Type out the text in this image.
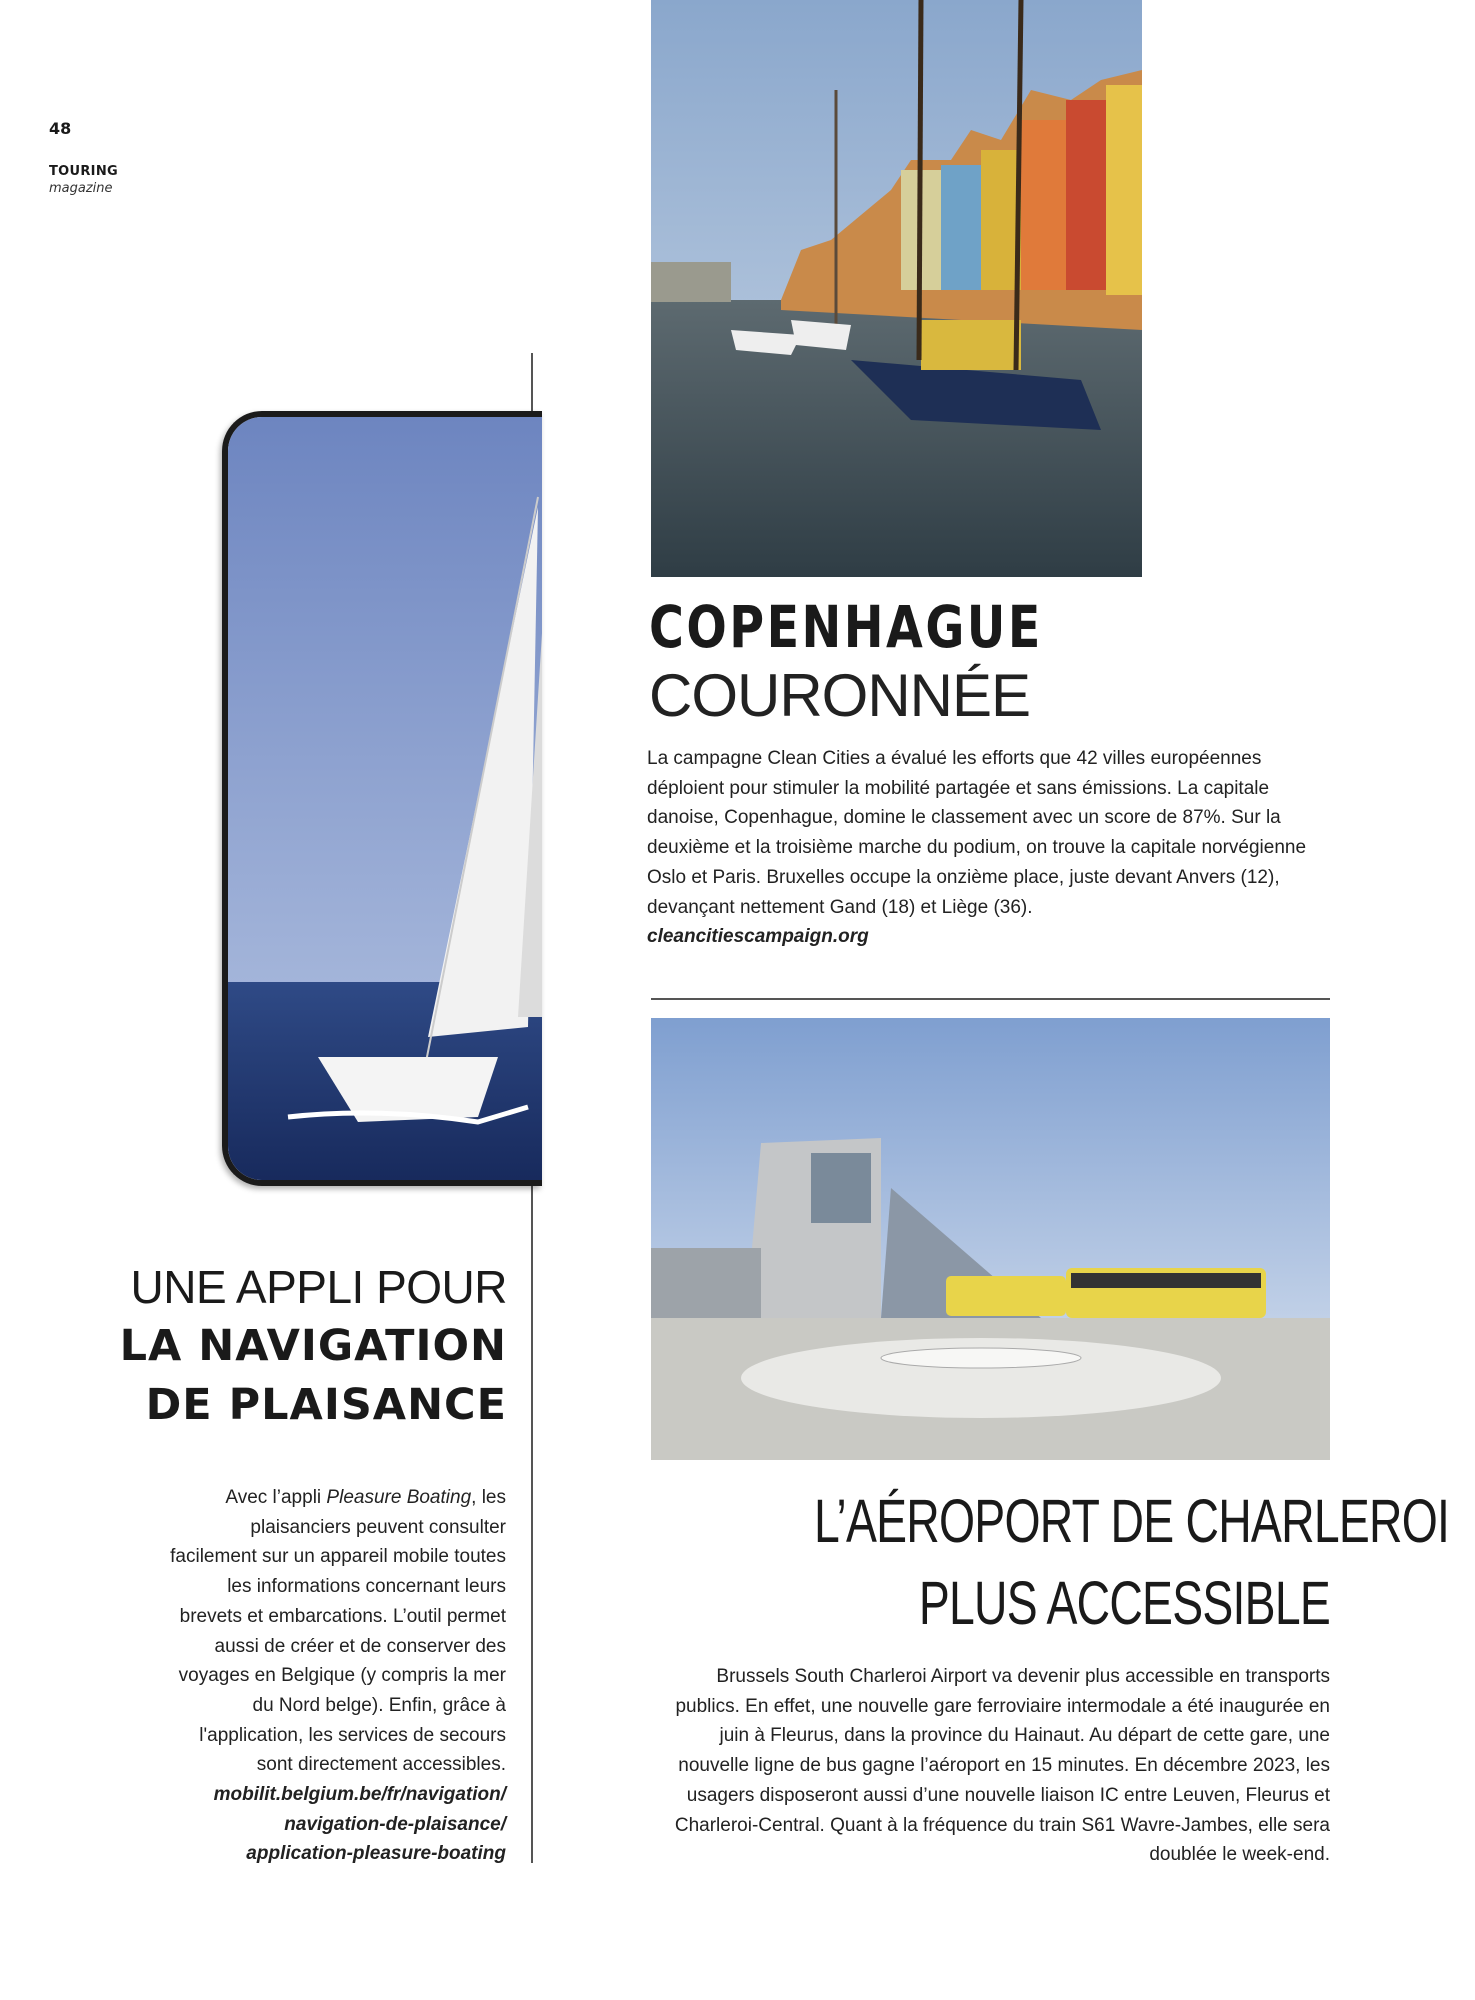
48
TOURING
magazine
COPENHAGUE
COURONNÉE
La campagne Clean Cities a évalué les efforts que 42 villes européennes déploient pour stimuler la mobilité partagée et sans émissions. La capitale danoise, Copenhague, domine le classement avec un score de 87%. Sur la deuxième et la troisième marche du podium, on trouve la capitale norvégienne Oslo et Paris. Bruxelles occupe la onzième place, juste devant Anvers (12), devançant nettement Gand (18) et Liège (36).
cleancitiescampaign.org
UNE APPLI POUR
LA NAVIGATION
DE PLAISANCE
Avec l’appli Pleasure Boating, les plaisanciers peuvent consulter facilement sur un appareil mobile toutes les informations concernant leurs brevets et embarcations. L’outil permet aussi de créer et de conserver des voyages en Belgique (y compris la mer du Nord belge). Enfin, grâce à l'application, les services de secours sont directement accessibles.
mobilit.belgium.be/fr/navigation/
navigation-de-plaisance/
application-pleasure-boating
L’AÉROPORT DE CHARLEROI
PLUS ACCESSIBLE
Brussels South Charleroi Airport va devenir plus accessible en transports publics. En effet, une nouvelle gare ferroviaire intermodale a été inaugurée en juin à Fleurus, dans la province du Hainaut. Au départ de cette gare, une nouvelle ligne de bus gagne l’aéroport en 15 minutes. En décembre 2023, les usagers disposeront aussi d’une nouvelle liaison IC entre Leuven, Fleurus et Charleroi-Central. Quant à la fréquence du train S61 Wavre-Jambes, elle sera doublée le week-end.
